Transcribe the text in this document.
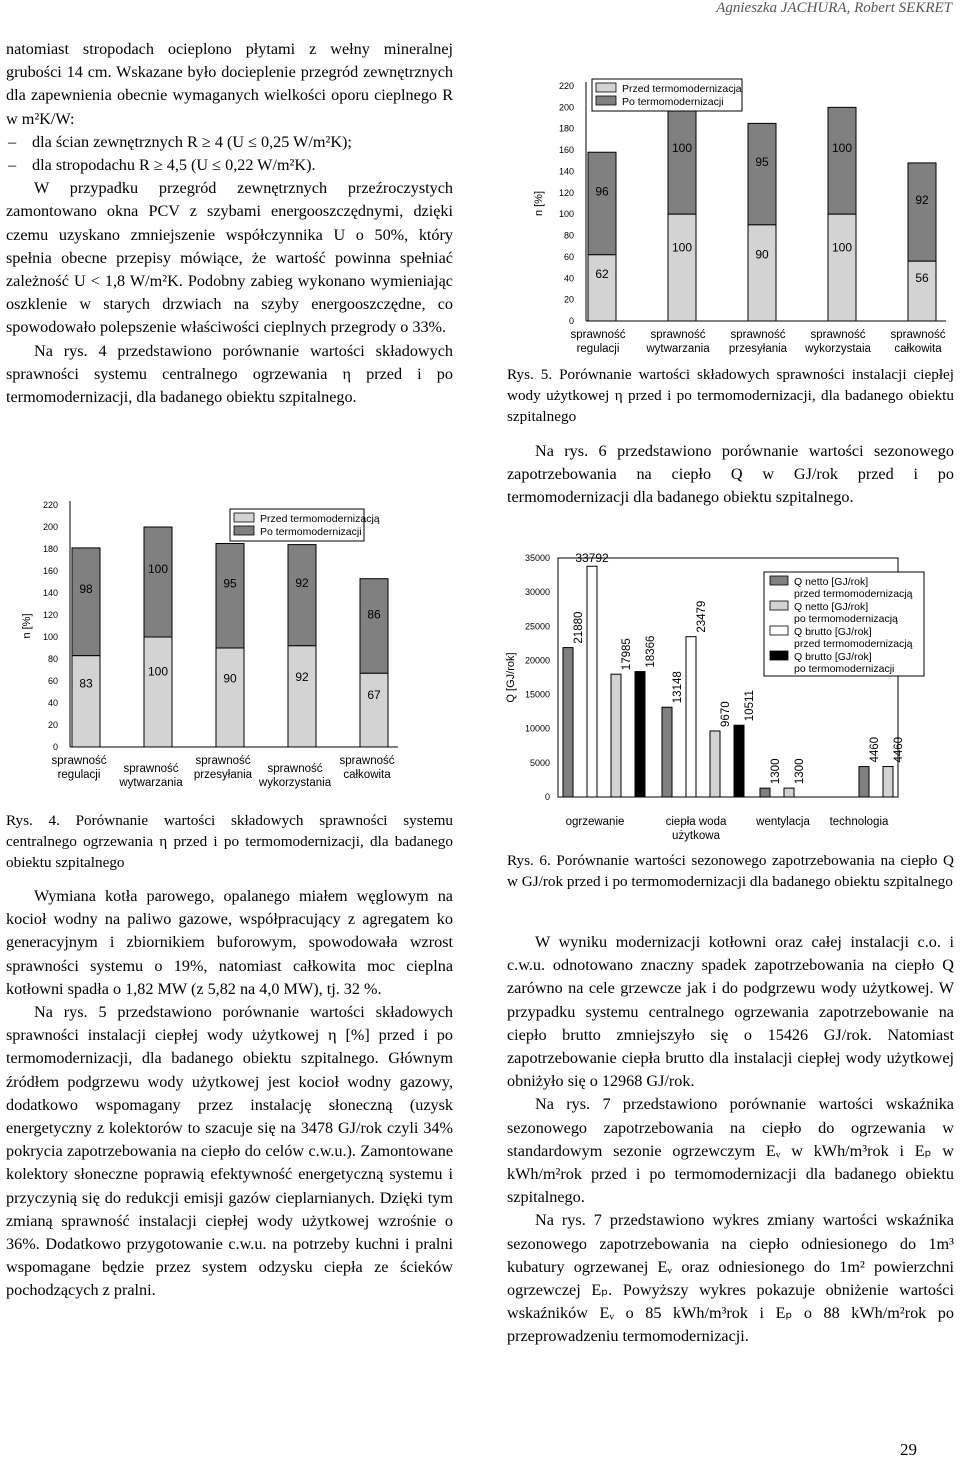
Agnieszka JACHURA, Robert SEKRET

natomiast stropodach ocieplono płytami z wełny mineralnej grubości 14 cm. Wskazane było docieplenie przegród zewnętrznych dla zapewnienia obecnie wymaganych wielkości oporu cieplnego R w m²K/W:

– dla ścian zewnętrznych R ≥ 4 (U ≤ 0,25 W/m²K);

– dla stropodachu R ≥ 4,5 (U ≤ 0,22 W/m²K).

W przypadku przegród zewnętrznych przeźroczystych zamontowano okna PCV z szybami energooszczędnymi, dzięki czemu uzyskano zmniejszenie współczynnika U o 50%, który spełnia obecne przepisy mówiące, że wartość powinna spełniać zależność U < 1,8 W/m²K. Podobny zabieg wykonano wymieniając oszklenie w starych drzwiach na szyby energooszczędne, co spowodowało polepszenie właściwości cieplnych przegrody o 33%.

Na rys. 4 przedstawiono porównanie wartości składowych sprawności systemu centralnego ogrzewania η przed i po termomodernizacji, dla badanego obiektu szpitalnego.

0
20
40
60
80
100
120
140
160
180
200
220
n [%]
98
83
sprawność
regulacji
100
100
sprawność
wytwarzania
95
90
sprawność
przesyłania
92
92
sprawność
wykorzystania
86
67
sprawność
całkowita
Przed termomodernizacją
Po termomodernizacji
Rys. 4. Porównanie wartości składowych sprawności systemu centralnego ogrzewania η przed i po termomodernizacji, dla badanego obiektu szpitalnego

Wymiana kotła parowego, opalanego miałem węglowym na kocioł wodny na paliwo gazowe, współpracujący z agregatem ko generacyjnym i zbiornikiem buforowym, spowodowała wzrost sprawności systemu o 19%, natomiast całkowita moc cieplna kotłowni spadła o 1,82 MW (z 5,82 na 4,0 MW), tj. 32 %.

Na rys. 5 przedstawiono porównanie wartości składowych sprawności instalacji ciepłej wody użytkowej η [%] przed i po termomodernizacji, dla badanego obiektu szpitalnego. Głównym źródłem podgrzewu wody użytkowej jest kocioł wodny gazowy, dodatkowo wspomagany przez instalację słoneczną (uzysk energetyczny z kolektorów to szacuje się na 3478 GJ/rok czyli 34% pokrycia zapotrzebowania na ciepło do celów c.w.u.). Zamontowane kolektory słoneczne poprawią efektywność energetyczną systemu i przyczynią się do redukcji emisji gazów cieplarnianych. Dzięki tym zmianą sprawność instalacji ciepłej wody użytkowej wzrośnie o 36%. Dodatkowo przygotowanie c.w.u. na potrzeby kuchni i pralni wspomagane będzie przez system odzysku ciepła ze ścieków pochodzących z pralni.

0
20
40
60
80
100
120
140
160
180
200
220
n [%]	96
62
sprawność
regulacji
100
100
sprawność
wytwarzania
95
90
sprawność
przesyłania
100
100
sprawność
wykorzystaia
92
56
sprawność
całkowita
Przed termomodernizacja
Po termomodernizacji
Rys. 5. Porównanie wartości składowych sprawności instalacji ciepłej wody użytkowej η przed i po termomodernizacji, dla badanego obiektu szpitalnego

Na rys. 6 przedstawiono porównanie wartości sezonowego zapotrzebowania na ciepło Q w GJ/rok przed i po termomodernizacji dla badanego obiektu szpitalnego.

0
5000
10000
15000
20000
25000
30000
35000
Q [GJ/rok]
21880
17985
33792
18366
ogrzewanie
13148
9670
23479
10511
ciepła woda
użytkowa
1300 1300
wentylacja
4460 4460
technologia
Q netto [GJ/rok]
przed termomodernizacją
Q netto [GJ/rok]
po termomodernizacją
Q brutto [GJ/rok]
przed termomodernizacją
Q brutto [GJ/rok]
po termomodernizacji
Rys. 6. Porównanie wartości sezonowego zapotrzebowania na ciepło Q w GJ/rok przed i po termomodernizacji dla badanego obiektu szpitalnego

W wyniku modernizacji kotłowni oraz całej instalacji c.o. i c.w.u. odnotowano znaczny spadek zapotrzebowania na ciepło Q zarówno na cele grzewcze jak i do podgrzewu wody użytkowej. W przypadku systemu centralnego ogrzewania zapotrzebowanie na ciepło brutto zmniejszyło się o 15426 GJ/rok. Natomiast zapotrzebowanie ciepła brutto dla instalacji ciepłej wody użytkowej obniżyło się o 12968 GJ/rok.

Na rys. 7 przedstawiono porównanie wartości wskaźnika sezonowego zapotrzebowania na ciepło do ogrzewania w standardowym sezonie ogrzewczym Eᵥ w kWh/m³rok i Eₚ w kWh/m²rok przed i po termomodernizacji dla badanego obiektu szpitalnego.

Na rys. 7 przedstawiono wykres zmiany wartości wskaźnika sezonowego zapotrzebowania na ciepło odniesionego do 1m³ kubatury ogrzewanej Eᵥ oraz odniesionego do 1m² powierzchni ogrzewczej Eₚ. Powyższy wykres pokazuje obniżenie wartości wskaźników Eᵥ o 85 kWh/m³rok i Eₚ o 88 kWh/m²rok po przeprowadzeniu termomodernizacji.

29
